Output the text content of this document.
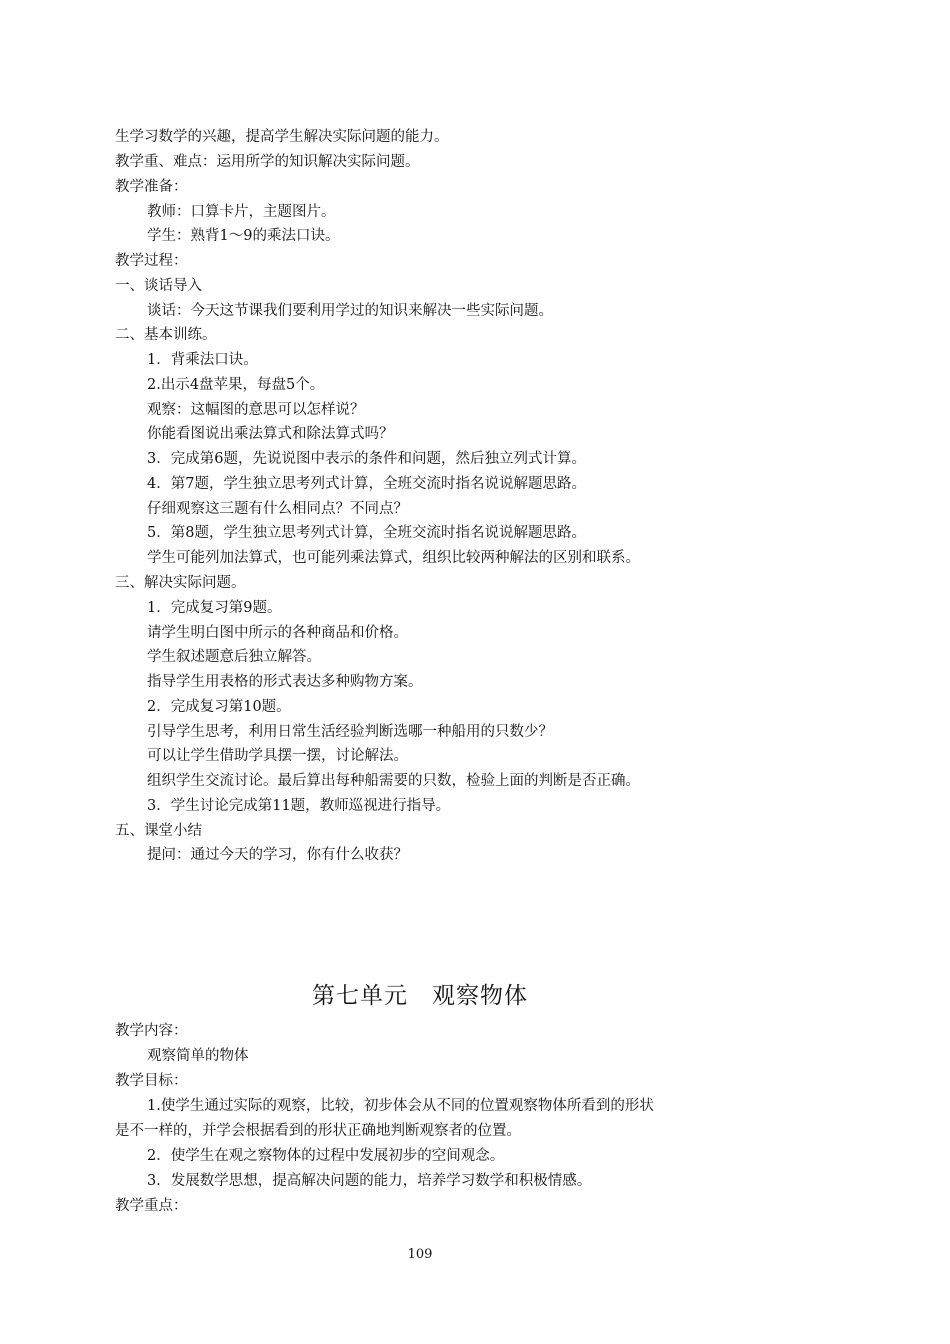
生学习数学的兴趣，提高学生解决实际问题的能力。
教学重、难点：运用所学的知识解决实际问题。
教学准备：
教师：口算卡片，主题图片。
学生：熟背1～9的乘法口诀。
教学过程：
一、谈话导入
谈话：今天这节课我们要利用学过的知识来解决一些实际问题。
二、基本训练。
1．背乘法口诀。
2.出示4盘苹果，每盘5个。
观察：这幅图的意思可以怎样说？
你能看图说出乘法算式和除法算式吗？
3．完成第6题，先说说图中表示的条件和问题，然后独立列式计算。
4．第7题，学生独立思考列式计算，全班交流时指名说说解题思路。
仔细观察这三题有什么相同点？不同点？
5．第8题，学生独立思考列式计算，全班交流时指名说说解题思路。
学生可能列加法算式，也可能列乘法算式，组织比较两种解法的区别和联系。
三、解决实际问题。
1．完成复习第9题。
请学生明白图中所示的各种商品和价格。
学生叙述题意后独立解答。
指导学生用表格的形式表达多种购物方案。
2．完成复习第10题。
引导学生思考，利用日常生活经验判断选哪一种船用的只数少？
可以让学生借助学具摆一摆，讨论解法。
组织学生交流讨论。最后算出每种船需要的只数，检验上面的判断是否正确。
3．学生讨论完成第11题，教师巡视进行指导。
五、课堂小结
提问：通过今天的学习，你有什么收获？
第七单元　观察物体
教学内容：
观察简单的物体
教学目标：
1.使学生通过实际的观察，比较，初步体会从不同的位置观察物体所看到的形状
是不一样的，并学会根据看到的形状正确地判断观察者的位置。
2．使学生在观之察物体的过程中发展初步的空间观念。
3．发展数学思想，提高解决问题的能力，培养学习数学和积极情感。
教学重点：
109
